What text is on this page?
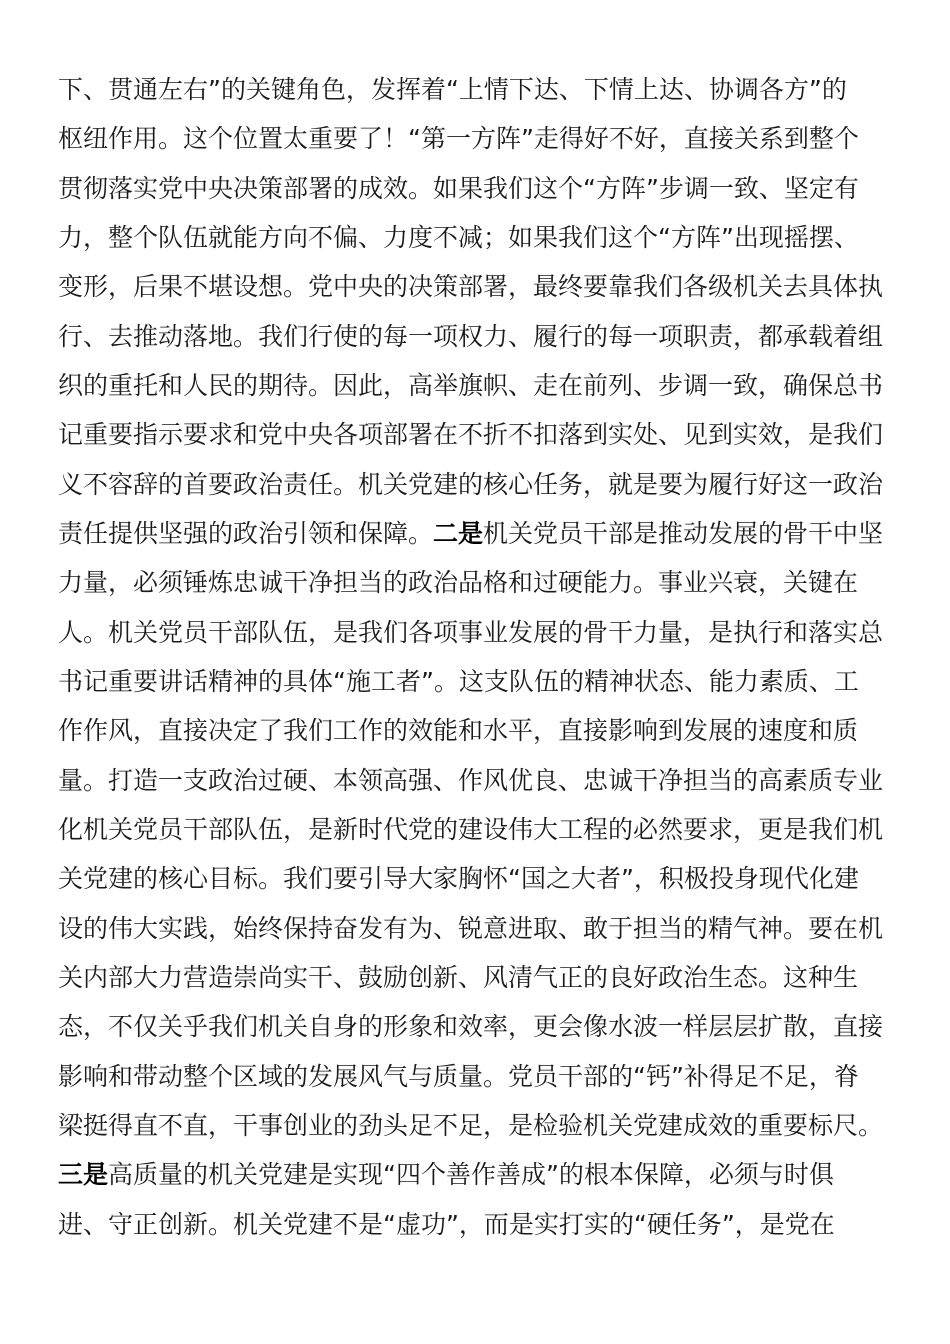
下、贯通左右”的关键角色，发挥着“上情下达、下情上达、协调各方”的
枢纽作用。这个位置太重要了！“第一方阵”走得好不好，直接关系到整个
贯彻落实党中央决策部署的成效。如果我们这个“方阵”步调一致、坚定有
力，整个队伍就能方向不偏、力度不减；如果我们这个“方阵”出现摇摆、
变形，后果不堪设想。党中央的决策部署，最终要靠我们各级机关去具体执
行、去推动落地。我们行使的每一项权力、履行的每一项职责，都承载着组
织的重托和人民的期待。因此，高举旗帜、走在前列、步调一致，确保总书
记重要指示要求和党中央各项部署在不折不扣落到实处、见到实效，是我们
义不容辞的首要政治责任。机关党建的核心任务，就是要为履行好这一政治
责任提供坚强的政治引领和保障。二是机关党员干部是推动发展的骨干中坚
力量，必须锤炼忠诚干净担当的政治品格和过硬能力。事业兴衰，关键在
人。机关党员干部队伍，是我们各项事业发展的骨干力量，是执行和落实总
书记重要讲话精神的具体“施工者”。这支队伍的精神状态、能力素质、工
作作风，直接决定了我们工作的效能和水平，直接影响到发展的速度和质
量。打造一支政治过硬、本领高强、作风优良、忠诚干净担当的高素质专业
化机关党员干部队伍，是新时代党的建设伟大工程的必然要求，更是我们机
关党建的核心目标。我们要引导大家胸怀“国之大者”，积极投身现代化建
设的伟大实践，始终保持奋发有为、锐意进取、敢于担当的精气神。要在机
关内部大力营造崇尚实干、鼓励创新、风清气正的良好政治生态。这种生
态，不仅关乎我们机关自身的形象和效率，更会像水波一样层层扩散，直接
影响和带动整个区域的发展风气与质量。党员干部的“钙”补得足不足，脊
梁挺得直不直，干事创业的劲头足不足，是检验机关党建成效的重要标尺。
三是高质量的机关党建是实现“四个善作善成”的根本保障，必须与时俱
进、守正创新。机关党建不是“虚功”，而是实打实的“硬任务”，是党在
